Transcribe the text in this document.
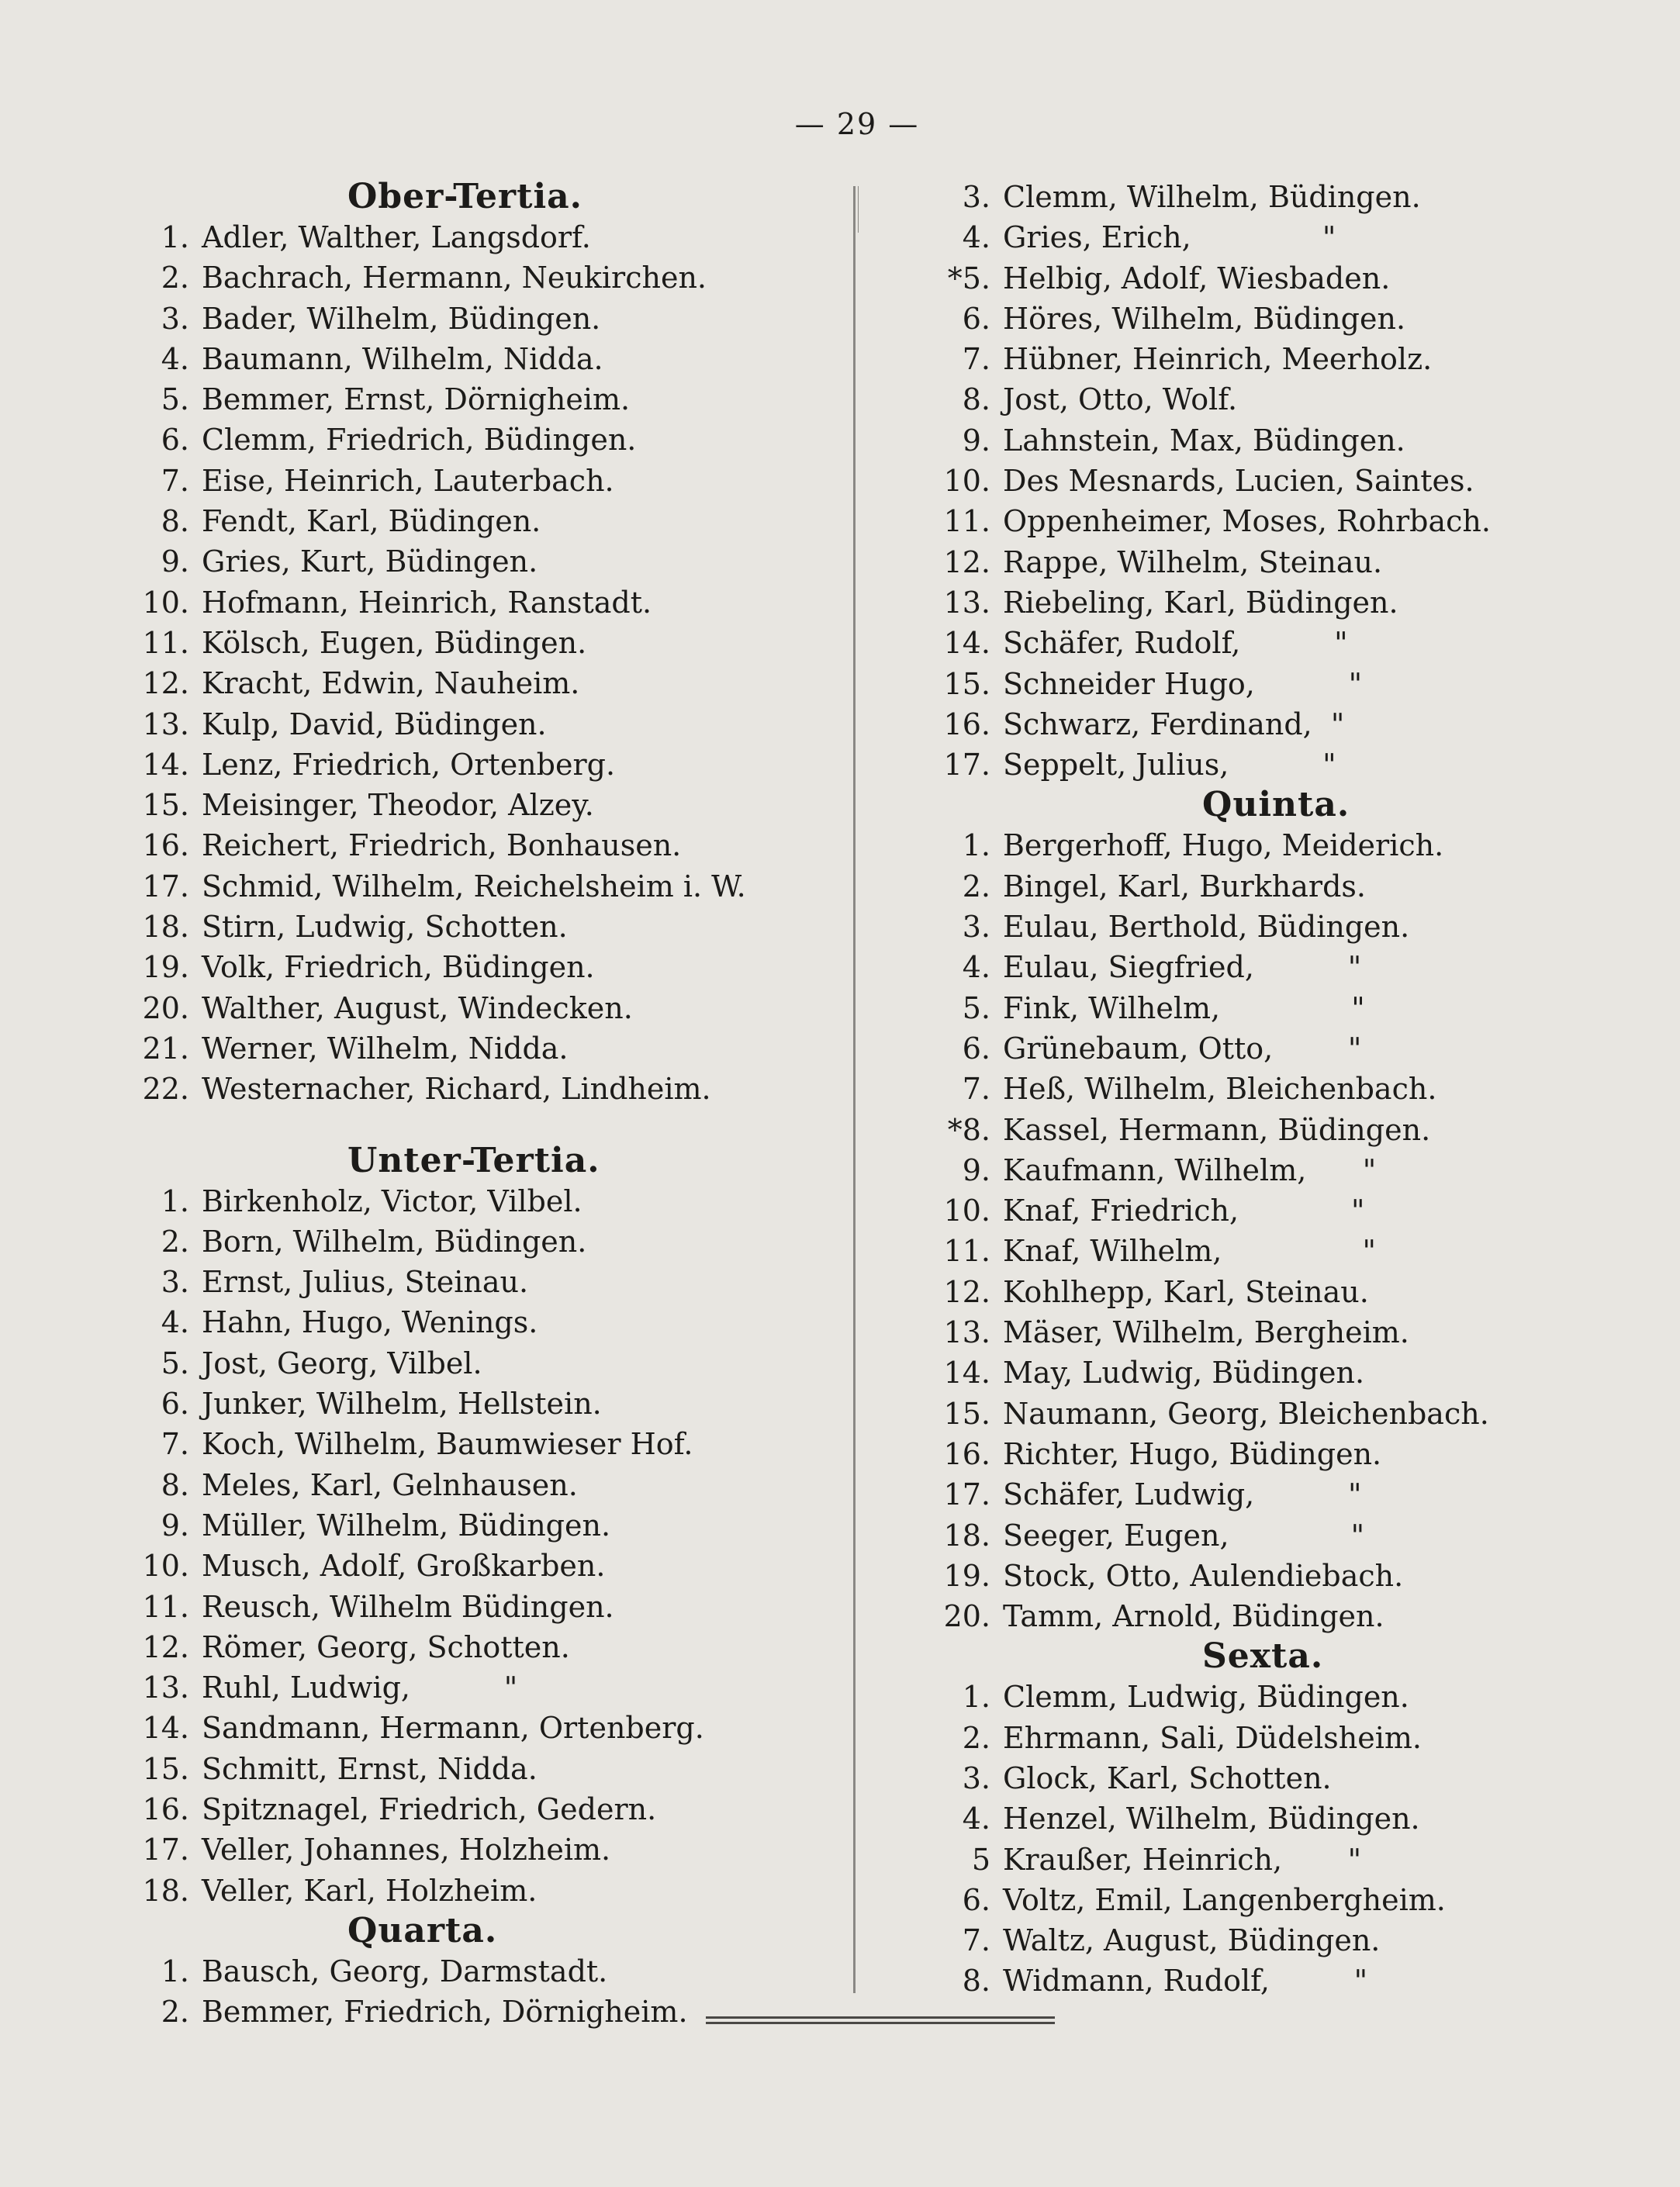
— 29 —
Ober-Tertia.
1. Adler, Walther, Langsdorf.
2. Bachrach, Hermann, Neukirchen.
3. Bader, Wilhelm, Büdingen.
4. Baumann, Wilhelm, Nidda.
5. Bemmer, Ernst, Dörnigheim.
6. Clemm, Friedrich, Büdingen.
7. Eise, Heinrich, Lauterbach.
8. Fendt, Karl, Büdingen.
9. Gries, Kurt, Büdingen.
10. Hofmann, Heinrich, Ranstadt.
11. Kölsch, Eugen, Büdingen.
12. Kracht, Edwin, Nauheim.
13. Kulp, David, Büdingen.
14. Lenz, Friedrich, Ortenberg.
15. Meisinger, Theodor, Alzey.
16. Reichert, Friedrich, Bonhausen.
17. Schmid, Wilhelm, Reichelsheim i. W.
18. Stirn, Ludwig, Schotten.
19. Volk, Friedrich, Büdingen.
20. Walther, August, Windecken.
21. Werner, Wilhelm, Nidda.
22. Westernacher, Richard, Lindheim.
Unter-Tertia.
1. Birkenholz, Victor, Vilbel.
2. Born, Wilhelm, Büdingen.
3. Ernst, Julius, Steinau.
4. Hahn, Hugo, Wenings.
5. Jost, Georg, Vilbel.
6. Junker, Wilhelm, Hellstein.
7. Koch, Wilhelm, Baumwieser Hof.
8. Meles, Karl, Gelnhausen.
9. Müller, Wilhelm, Büdingen.
10. Musch, Adolf, Großkarben.
11. Reusch, Wilhelm Büdingen.
12. Römer, Georg, Schotten.
13. Ruhl, Ludwig,          "
14. Sandmann, Hermann, Ortenberg.
15. Schmitt, Ernst, Nidda.
16. Spitznagel, Friedrich, Gedern.
17. Veller, Johannes, Holzheim.
18. Veller, Karl, Holzheim.
Quarta.
1. Bausch, Georg, Darmstadt.
2. Bemmer, Friedrich, Dörnigheim.
3. Clemm, Wilhelm, Büdingen.
4. Gries, Erich,              "
*5. Helbig, Adolf, Wiesbaden.
6. Höres, Wilhelm, Büdingen.
7. Hübner, Heinrich, Meerholz.
8. Jost, Otto, Wolf.
9. Lahnstein, Max, Büdingen.
10. Des Mesnards, Lucien, Saintes.
11. Oppenheimer, Moses, Rohrbach.
12. Rappe, Wilhelm, Steinau.
13. Riebeling, Karl, Büdingen.
14. Schäfer, Rudolf,          "
15. Schneider Hugo,          "
16. Schwarz, Ferdinand,  "
17. Seppelt, Julius,          "
Quinta.
1. Bergerhoff, Hugo, Meiderich.
2. Bingel, Karl, Burkhards.
3. Eulau, Berthold, Büdingen.
4. Eulau, Siegfried,          "
5. Fink, Wilhelm,              "
6. Grünebaum, Otto,        "
7. Heß, Wilhelm, Bleichenbach.
*8. Kassel, Hermann, Büdingen.
9. Kaufmann, Wilhelm,      "
10. Knaf, Friedrich,            "
11. Knaf, Wilhelm,               "
12. Kohlhepp, Karl, Steinau.
13. Mäser, Wilhelm, Bergheim.
14. May, Ludwig, Büdingen.
15. Naumann, Georg, Bleichenbach.
16. Richter, Hugo, Büdingen.
17. Schäfer, Ludwig,          "
18. Seeger, Eugen,             "
19. Stock, Otto, Aulendiebach.
20. Tamm, Arnold, Büdingen.
Sexta.
1. Clemm, Ludwig, Büdingen.
2. Ehrmann, Sali, Düdelsheim.
3. Glock, Karl, Schotten.
4. Henzel, Wilhelm, Büdingen.
5 Kraußer, Heinrich,       "
6. Voltz, Emil, Langenbergheim.
7. Waltz, August, Büdingen.
8. Widmann, Rudolf,         "
